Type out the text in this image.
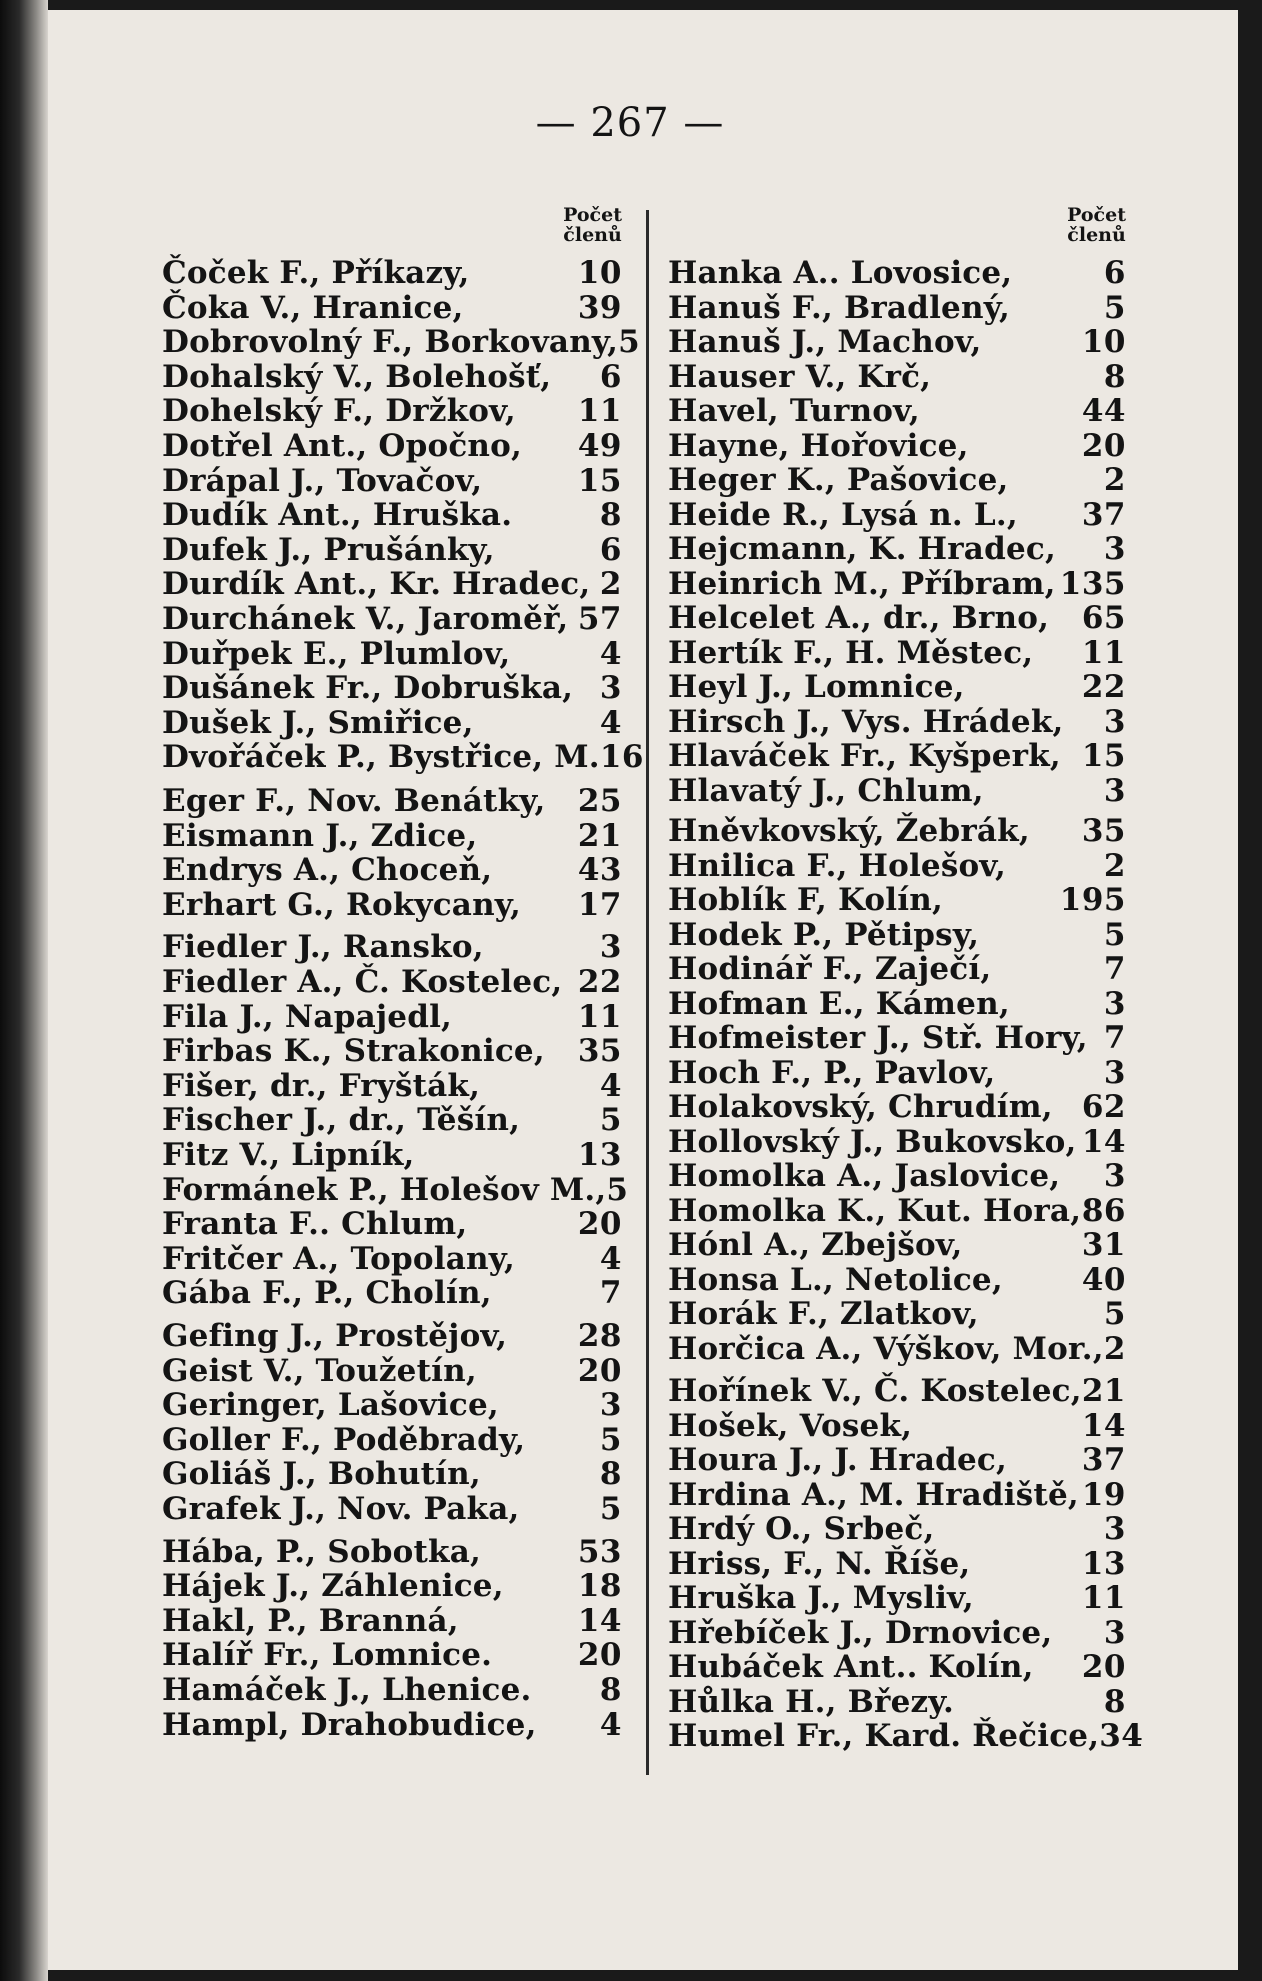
— 267 —
Počet
členů
Čoček F., Příkazy,	10
Čoka V., Hranice,	39
Dobrovolný F., Borkovany, 5
Dohalský V., Bolehošť, 6
Dohelský F., Držkov, 11
Dotřel Ant., Opočno, 49
Drápal J., Tovačov,	15
Dudík Ant., Hruška.	8
Dufek J., Prušánky,	6
Durdík Ant., Kr. Hradec, 2
Durchánek V., Jaroměř, 57
Duřpek E., Plumlov,	4
Dušánek Fr., Dobruška, 3
Dušek J., Smiřice,	4
Dvořáček P., Bystřice, M. 16
Eger F., Nov. Benátky, 25
Eismann J., Zdice,	21
Endrys A., Choceň,	43
Erhart G., Rokycany, 17
Fiedler J., Ransko,	3
Fiedler A., Č. Kostelec, 22
Fila J., Napajedl,	11
Firbas K., Strakonice, 35
Fišer, dr., Fryšták,	4
Fischer J., dr., Těšín,	5
Fitz V., Lipník,	13
Formánek P., Holešov M., 5
Franta F.. Chlum,	20
Fritčer A., Topolany,	4
Gába F., P., Cholín,	7
Gefing J., Prostějov, 28
Geist V., Toužetín,	20
Geringer, Lašovice,	3
Goller F., Poděbrady, 5
Goliáš J., Bohutín,	8
Grafek J., Nov. Paka,	5
Hába, P., Sobotka,	53
Hájek J., Záhlenice, 18
Hakl, P., Branná,	14
Halíř Fr., Lomnice.	20
Hamáček J., Lhenice. 8
Hampl, Drahobudice, 4
Počet
členů
Hanka A.. Lovosice,	6
Hanuš F., Bradlený,	5
Hanuš J., Machov,	10
Hauser V., Krč,	8
Havel, Turnov,	44
Hayne, Hořovice,	20
Heger K., Pašovice,	2
Heide R., Lysá n. L., 37
Hejcmann, K. Hradec, 3
Heinrich M., Příbram, 135
Helcelet A., dr., Brno, 65
Hertík F., H. Městec, 11
Heyl J., Lomnice,	22
Hirsch J., Vys. Hrádek, 3
Hlaváček Fr., Kyšperk, 15
Hlavatý J., Chlum,	3
Hněvkovský, Žebrák, 35
Hnilica F., Holešov,	2
Hoblík F, Kolín,	195
Hodek P., Pětipsy,	5
Hodinář F., Zaječí,	7
Hofman E., Kámen,	3
Hofmeister J., Stř. Hory, 7
Hoch F., P., Pavlov,	3
Holakovský, Chrudím, 62
Hollovský J., Bukovsko, 14
Homolka A., Jaslovice, 3
Homolka K., Kut. Hora, 86
Hónl A., Zbejšov,	31
Honsa L., Netolice,	40
Horák F., Zlatkov,	5
Horčica A., Výškov, Mor., 2
Hořínek V., Č. Kostelec, 21
Hošek, Vosek,	14
Houra J., J. Hradec, 37
Hrdina A., M. Hradiště, 19
Hrdý O., Srbeč,	3
Hriss, F., N. Říše,	13
Hruška J., Mysliv,	11
Hřebíček J., Drnovice, 3
Hubáček Ant.. Kolín, 20
Hůlka H., Březy.	8
Humel Fr., Kard. Řečice, 34
